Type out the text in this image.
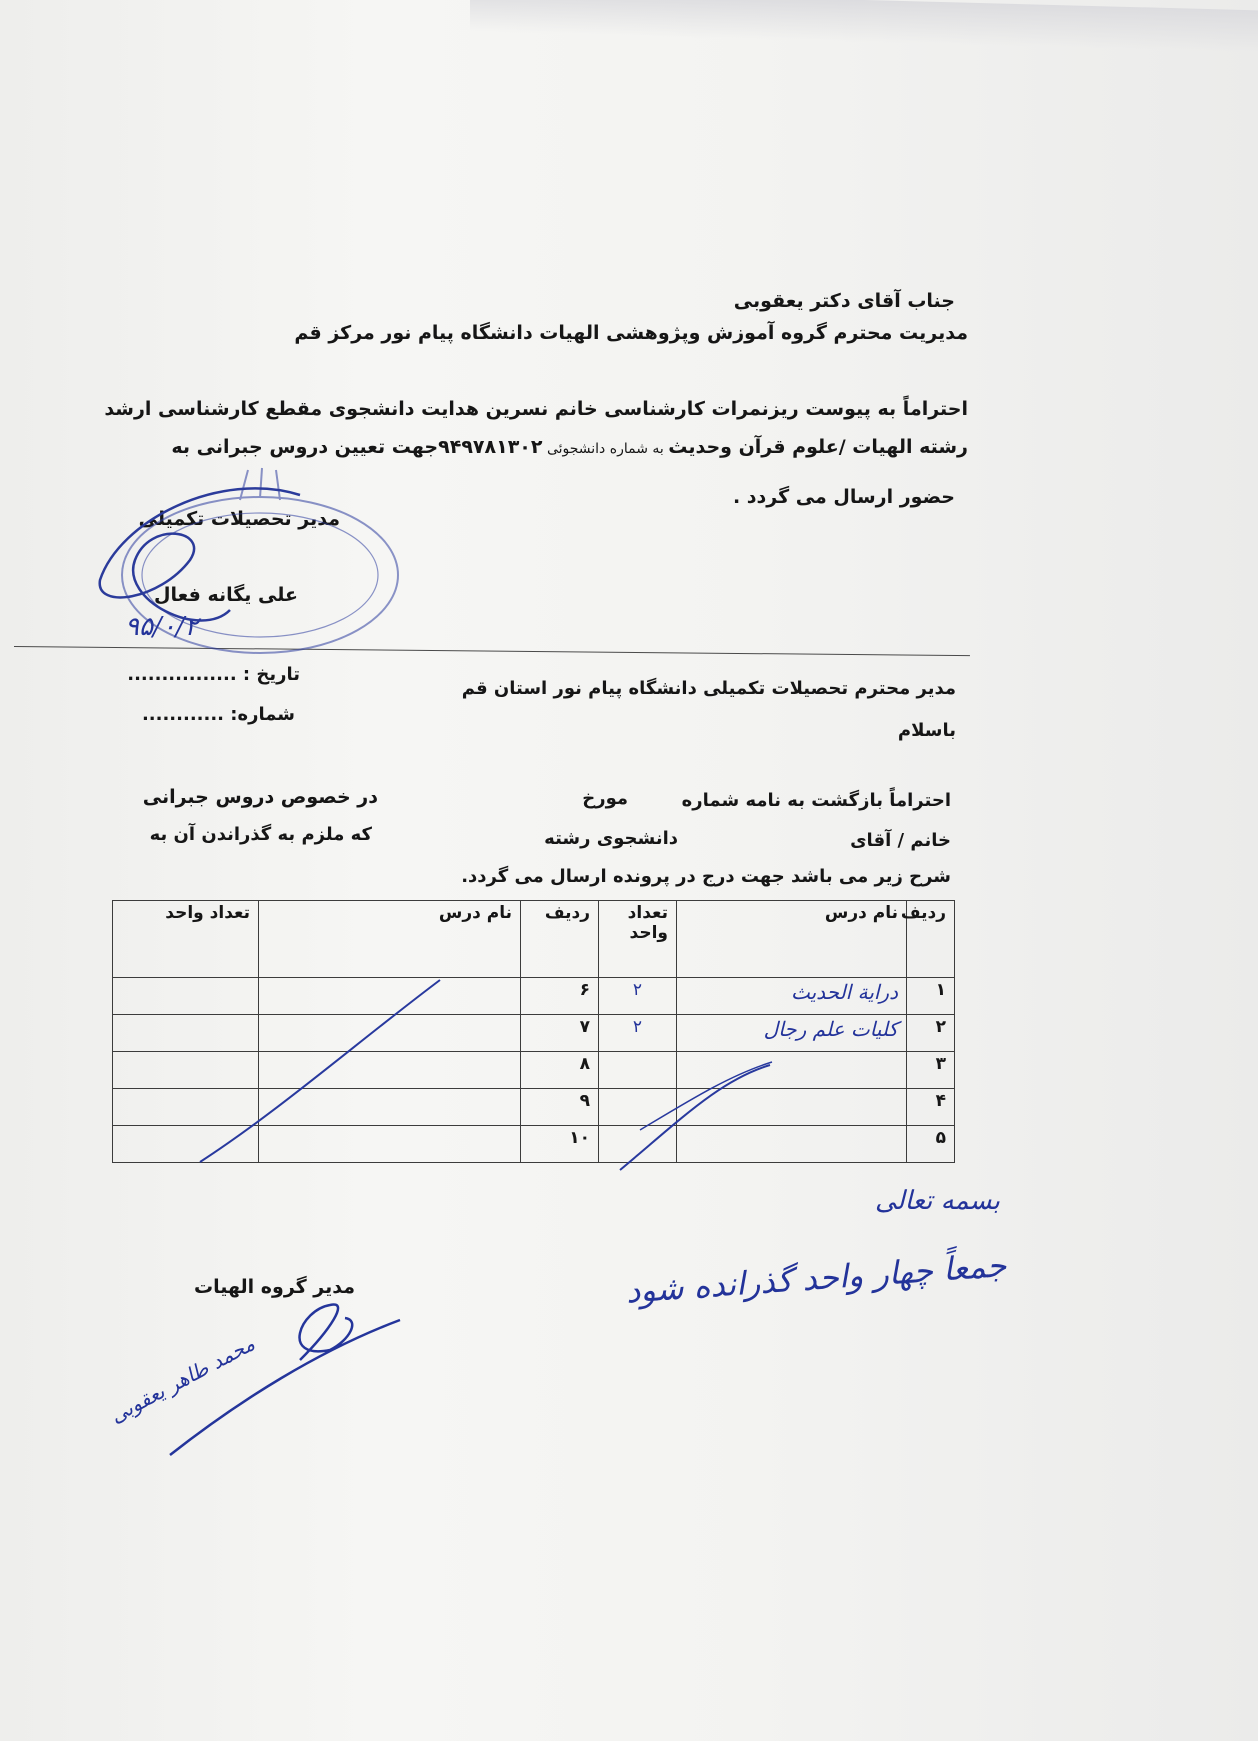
جناب آقای دکتر یعقوبی
مدیریت محترم گروه آموزش وپژوهشی الهیات دانشگاه پیام نور مرکز قم
احتراماً به پیوست ریزنمرات کارشناسی خانم نسرین هدایت دانشجوی مقطع کارشناسی ارشد
رشته الهیات /علوم قرآن وحدیث به شماره دانشجوئی ۹۴۹۷۸۱۳۰۲جهت تعیین دروس جبرانی به
حضور ارسال می گردد .
مدیر تحصیلات تکمیلی
علی یگانه فعال
۹۵/۰/۲
تاریخ : ................
شماره: ............
مدیر محترم تحصیلات تکمیلی دانشگاه پیام نور استان قم
باسلام
احتراماً بازگشت به نامه شماره
مورخ
در خصوص دروس جبرانی
خانم / آقای
دانشجوی رشته
که ملزم به گذراندن آن به
شرح زیر می باشد جهت درج در پرونده ارسال می گردد.
ردیف	نام درس	تعداد واحد	ردیف	نام درس	تعداد واحد
۱	درایة الحدیث	۲	۶		
۲	کلیات علم رجال	۲	۷		
۳			۸		
۴			۹		
۵			۱۰		
بسمه تعالی
جمعاً چهار واحد گذرانده شود
مدیر گروه الهیات
محمد طاهر یعقوبی
